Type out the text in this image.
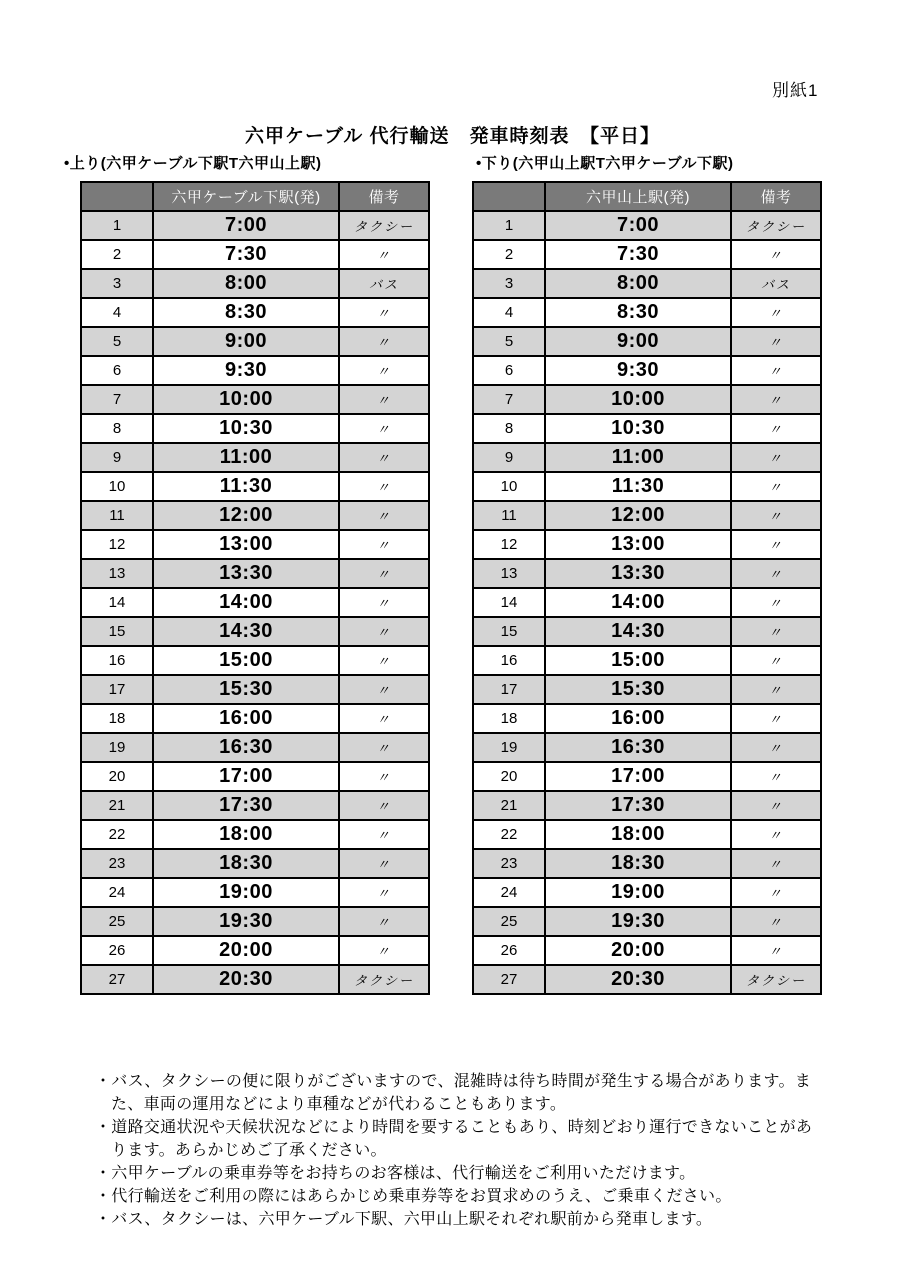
別紙1
六甲ケーブル 代行輸送　発車時刻表　【平日】
•上り(六甲ケーブル下駅T六甲山上駅)	•下り(六甲山上駅T六甲ケーブル下駅)
	六甲ケーブル下駅(発)	備考
1	7:00	タクシー
2	7:30	〃
3	8:00	バス
4	8:30	〃
5	9:00	〃
6	9:30	〃
7	10:00	〃
8	10:30	〃
9	11:00	〃
10	11:30	〃
11	12:00	〃
12	13:00	〃
13	13:30	〃
14	14:00	〃
15	14:30	〃
16	15:00	〃
17	15:30	〃
18	16:00	〃
19	16:30	〃
20	17:00	〃
21	17:30	〃
22	18:00	〃
23	18:30	〃
24	19:00	〃
25	19:30	〃
26	20:00	〃
27	20:30	タクシー
	六甲山上駅(発)	備考
1	7:00	タクシー
2	7:30	〃
3	8:00	バス
4	8:30	〃
5	9:00	〃
6	9:30	〃
7	10:00	〃
8	10:30	〃
9	11:00	〃
10	11:30	〃
11	12:00	〃
12	13:00	〃
13	13:30	〃
14	14:00	〃
15	14:30	〃
16	15:00	〃
17	15:30	〃
18	16:00	〃
19	16:30	〃
20	17:00	〃
21	17:30	〃
22	18:00	〃
23	18:30	〃
24	19:00	〃
25	19:30	〃
26	20:00	〃
27	20:30	タクシー
・バス、タクシーの便に限りがございますので、混雑時は待ち時間が発生する場合があります。ま
た、車両の運用などにより車種などが代わることもあります。
・道路交通状況や天候状況などにより時間を要することもあり、時刻どおり運行できないことがあ
ります。あらかじめご了承ください。
・六甲ケーブルの乗車券等をお持ちのお客様は、代行輸送をご利用いただけます。
・代行輸送をご利用の際にはあらかじめ乗車券等をお買求めのうえ、ご乗車ください。
・バス、タクシーは、六甲ケーブル下駅、六甲山上駅それぞれ駅前から発車します。
